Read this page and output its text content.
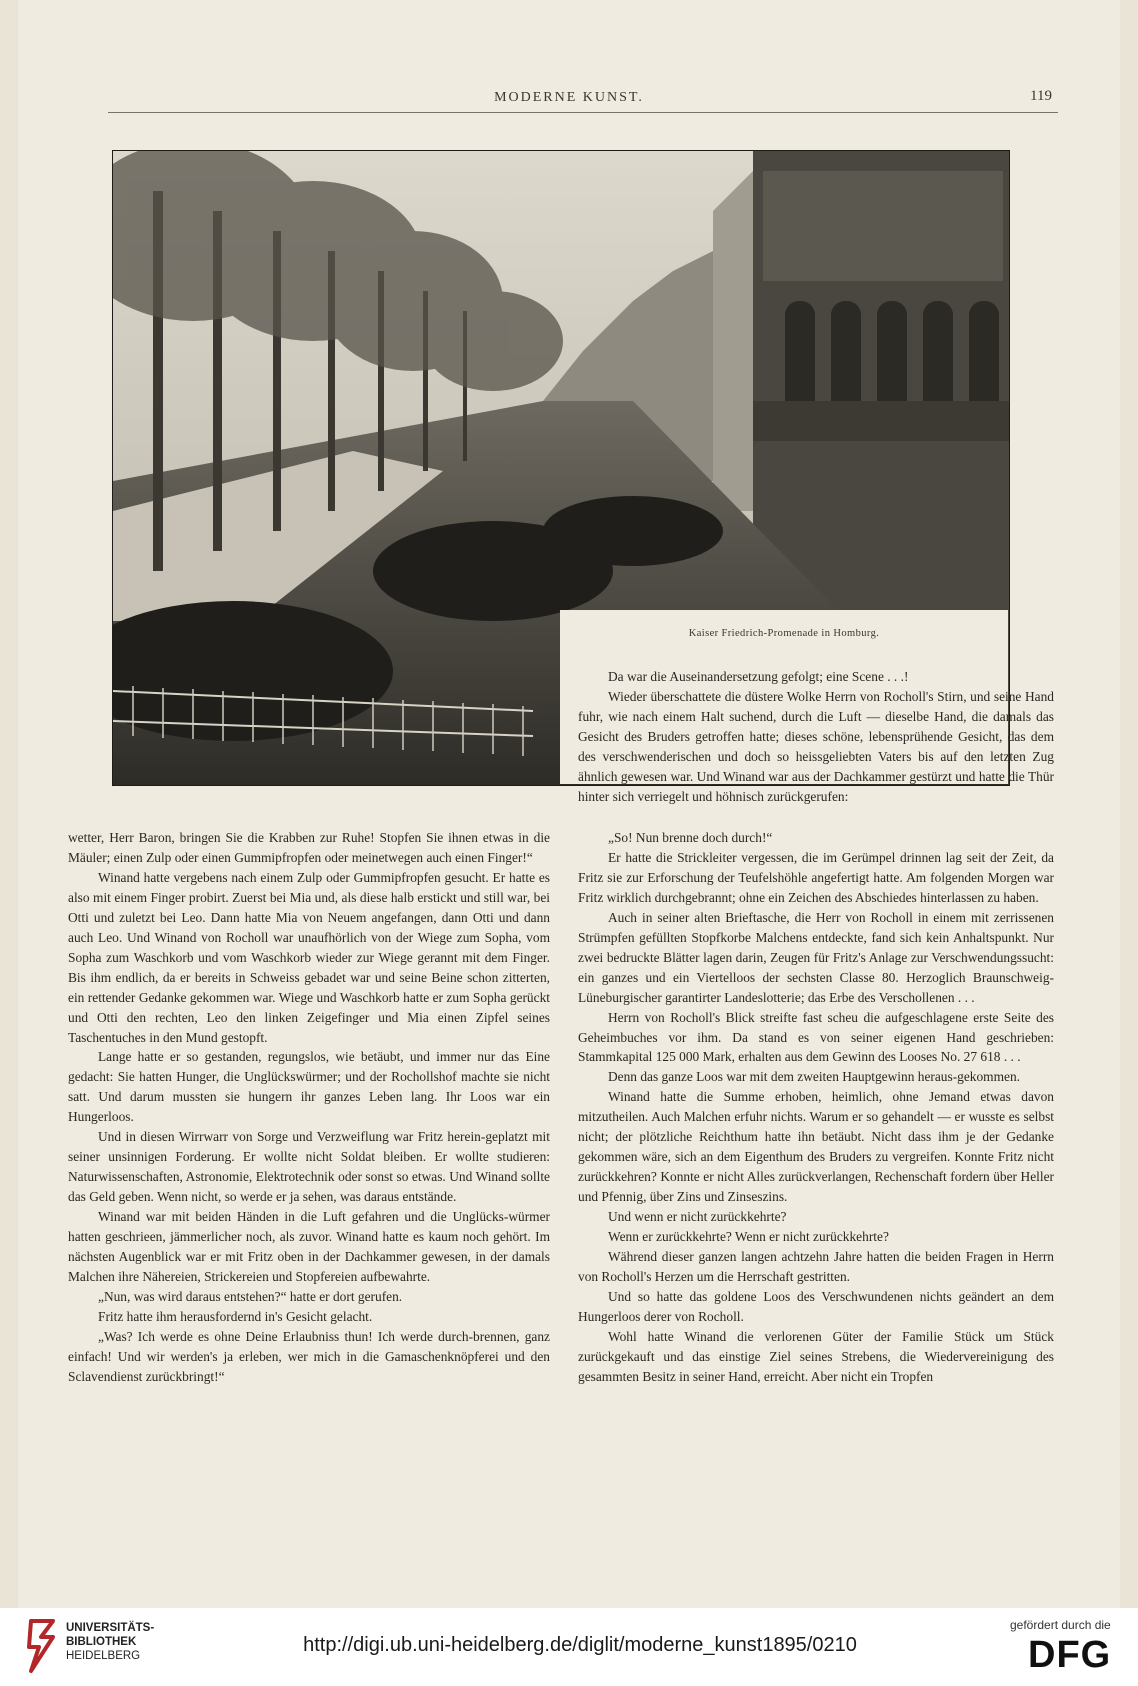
MODERNE KUNST.	119
Kaiser Friedrich-Promenade in Homburg.

Da war die Auseinandersetzung gefolgt; eine Scene . . .!

Wieder überschattete die düstere Wolke Herrn von Rocholl's Stirn, und seine Hand fuhr, wie nach einem Halt suchend, durch die Luft — dieselbe Hand, die damals das Gesicht des Bruders getroffen hatte; dieses schöne, lebensprühende Gesicht, das dem des verschwenderischen und doch so heissgeliebten Vaters bis auf den letzten Zug ähnlich gewesen war. Und Winand war aus der Dachkammer gestürzt und hatte die Thür hinter sich verriegelt und höhnisch zurückgerufen:

wetter, Herr Baron, bringen Sie die Krabben zur Ruhe! Stopfen Sie ihnen etwas in die Mäuler; einen Zulp oder einen Gummipfropfen oder meinetwegen auch einen Finger!“

Winand hatte vergebens nach einem Zulp oder Gummipfropfen gesucht. Er hatte es also mit einem Finger probirt. Zuerst bei Mia und, als diese halb erstickt und still war, bei Otti und zuletzt bei Leo. Dann hatte Mia von Neuem angefangen, dann Otti und dann auch Leo. Und Winand von Rocholl war unaufhörlich von der Wiege zum Sopha, vom Sopha zum Waschkorb und vom Waschkorb wieder zur Wiege gerannt mit dem Finger. Bis ihm endlich, da er bereits in Schweiss gebadet war und seine Beine schon zitterten, ein rettender Gedanke gekommen war. Wiege und Waschkorb hatte er zum Sopha gerückt und Otti den rechten, Leo den linken Zeigefinger und Mia einen Zipfel seines Taschentuches in den Mund gestopft.

Lange hatte er so gestanden, regungslos, wie betäubt, und immer nur das Eine gedacht: Sie hatten Hunger, die Unglückswürmer; und der Rochollshof machte sie nicht satt. Und darum mussten sie hungern ihr ganzes Leben lang. Ihr Loos war ein Hungerloos.

Und in diesen Wirrwarr von Sorge und Verzweiflung war Fritz herein-geplatzt mit seiner unsinnigen Forderung. Er wollte nicht Soldat bleiben. Er wollte studieren: Naturwissenschaften, Astronomie, Elektrotechnik oder sonst so etwas. Und Winand sollte das Geld geben. Wenn nicht, so werde er ja sehen, was daraus entstände.

Winand war mit beiden Händen in die Luft gefahren und die Unglücks-würmer hatten geschrieen, jämmerlicher noch, als zuvor. Winand hatte es kaum noch gehört. Im nächsten Augenblick war er mit Fritz oben in der Dachkammer gewesen, in der damals Malchen ihre Nähereien, Strickereien und Stopfereien aufbewahrte.

„Nun, was wird daraus entstehen?“ hatte er dort gerufen.

Fritz hatte ihm herausfordernd in's Gesicht gelacht.

„Was? Ich werde es ohne Deine Erlaubniss thun! Ich werde durch-brennen, ganz einfach! Und wir werden's ja erleben, wer mich in die Gamaschenknöpferei und den Sclavendienst zurückbringt!“

„So! Nun brenne doch durch!“

Er hatte die Strickleiter vergessen, die im Gerümpel drinnen lag seit der Zeit, da Fritz sie zur Erforschung der Teufelshöhle angefertigt hatte. Am folgenden Morgen war Fritz wirklich durchgebrannt; ohne ein Zeichen des Abschiedes hinterlassen zu haben.

Auch in seiner alten Brieftasche, die Herr von Rocholl in einem mit zerrissenen Strümpfen gefüllten Stopfkorbe Malchens entdeckte, fand sich kein Anhaltspunkt. Nur zwei bedruckte Blätter lagen darin, Zeugen für Fritz's Anlage zur Verschwendungssucht: ein ganzes und ein Viertelloos der sechsten Classe 80. Herzoglich Braunschweig-Lüneburgischer garantirter Landeslotterie; das Erbe des Verschollenen . . .

Herrn von Rocholl's Blick streifte fast scheu die aufgeschlagene erste Seite des Geheimbuches vor ihm. Da stand es von seiner eigenen Hand geschrieben: Stammkapital 125 000 Mark, erhalten aus dem Gewinn des Looses No. 27 618 . . .

Denn das ganze Loos war mit dem zweiten Hauptgewinn heraus-gekommen.

Winand hatte die Summe erhoben, heimlich, ohne Jemand etwas davon mitzutheilen. Auch Malchen erfuhr nichts. Warum er so gehandelt — er wusste es selbst nicht; der plötzliche Reichthum hatte ihn betäubt. Nicht dass ihm je der Gedanke gekommen wäre, sich an dem Eigenthum des Bruders zu vergreifen. Konnte Fritz nicht zurückkehren? Konnte er nicht Alles zurückverlangen, Rechenschaft fordern über Heller und Pfennig, über Zins und Zinseszins.

Und wenn er nicht zurückkehrte?

Wenn er zurückkehrte? Wenn er nicht zurückkehrte?

Während dieser ganzen langen achtzehn Jahre hatten die beiden Fragen in Herrn von Rocholl's Herzen um die Herrschaft gestritten.

Und so hatte das goldene Loos des Verschwundenen nichts geändert an dem Hungerloos derer von Rocholl.

Wohl hatte Winand die verlorenen Güter der Familie Stück um Stück zurückgekauft und das einstige Ziel seines Strebens, die Wiedervereinigung des gesammten Besitz in seiner Hand, erreicht. Aber nicht ein Tropfen

UNIVERSITÄTS-
BIBLIOTHEK
HEIDELBERG	http://digi.ub.uni-heidelberg.de/diglit/moderne_kunst1895/0210
gefördert durch die
DFG
